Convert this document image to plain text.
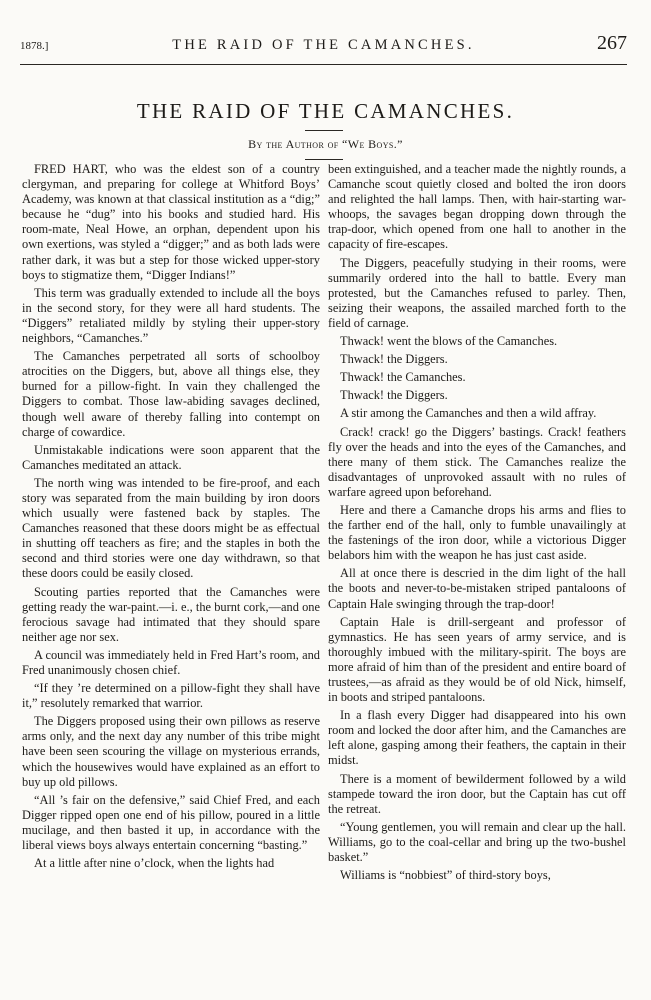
1878.]	THE RAID OF THE CAMANCHES.	267
THE RAID OF THE CAMANCHES.
By the Author of “We Boys.”

FRED HART, who was the eldest son of a country clergyman, and preparing for college at Whitford Boys’ Academy, was known at that classical institution as a “dig;” because he “dug” into his books and studied hard. His room-mate, Neal Howe, an orphan, dependent upon his own exertions, was styled a “digger;” and as both lads were rather dark, it was but a step for those wicked upper-story boys to stigmatize them, “Digger Indians!”

This term was gradually extended to include all the boys in the second story, for they were all hard students. The “Diggers” retaliated mildly by styling their upper-story neighbors, “Camanches.”

The Camanches perpetrated all sorts of schoolboy atrocities on the Diggers, but, above all things else, they burned for a pillow-fight. In vain they challenged the Diggers to combat. Those law-abiding savages declined, though well aware of thereby falling into contempt on charge of cowardice.

Unmistakable indications were soon apparent that the Camanches meditated an attack.

The north wing was intended to be fire-proof, and each story was separated from the main building by iron doors which usually were fastened back by staples. The Camanches reasoned that these doors might be as effectual in shutting off teachers as fire; and the staples in both the second and third stories were one day withdrawn, so that these doors could be easily closed.

Scouting parties reported that the Camanches were getting ready the war-paint.—i. e., the burnt cork,—and one ferocious savage had intimated that they should spare neither age nor sex.

A council was immediately held in Fred Hart’s room, and Fred unanimously chosen chief.

“If they ’re determined on a pillow-fight they shall have it,” resolutely remarked that warrior.

The Diggers proposed using their own pillows as reserve arms only, and the next day any number of this tribe might have been seen scouring the village on mysterious errands, which the housewives would have explained as an effort to buy up old pillows.

“All ’s fair on the defensive,” said Chief Fred, and each Digger ripped open one end of his pillow, poured in a little mucilage, and then basted it up, in accordance with the liberal views boys always entertain concerning “basting.”

At a little after nine o’clock, when the lights had

been extinguished, and a teacher made the nightly rounds, a Camanche scout quietly closed and bolted the iron doors and relighted the hall lamps. Then, with hair-starting war-whoops, the savages began dropping down through the trap-door, which opened from one hall to another in the capacity of fire-escapes.

The Diggers, peacefully studying in their rooms, were summarily ordered into the hall to battle. Every man protested, but the Camanches refused to parley. Then, seizing their weapons, the assailed marched forth to the field of carnage.

Thwack! went the blows of the Camanches.

Thwack! the Diggers.

Thwack! the Camanches.

Thwack! the Diggers.

A stir among the Camanches and then a wild affray.

Crack! crack! go the Diggers’ bastings. Crack! feathers fly over the heads and into the eyes of the Camanches, and there many of them stick. The Camanches realize the disadvantages of unprovoked assault with no rules of warfare agreed upon beforehand.

Here and there a Camanche drops his arms and flies to the farther end of the hall, only to fumble unavailingly at the fastenings of the iron door, while a victorious Digger belabors him with the weapon he has just cast aside.

All at once there is descried in the dim light of the hall the boots and never-to-be-mistaken striped pantaloons of Captain Hale swinging through the trap-door!

Captain Hale is drill-sergeant and professor of gymnastics. He has seen years of army service, and is thoroughly imbued with the military-spirit. The boys are more afraid of him than of the president and entire board of trustees,—as afraid as they would be of old Nick, himself, in boots and striped pantaloons.

In a flash every Digger had disappeared into his own room and locked the door after him, and the Camanches are left alone, gasping among their feathers, the captain in their midst.

There is a moment of bewilderment followed by a wild stampede toward the iron door, but the Captain has cut off the retreat.

“Young gentlemen, you will remain and clear up the hall. Williams, go to the coal-cellar and bring up the two-bushel basket.”

Williams is “nobbiest” of third-story boys,
